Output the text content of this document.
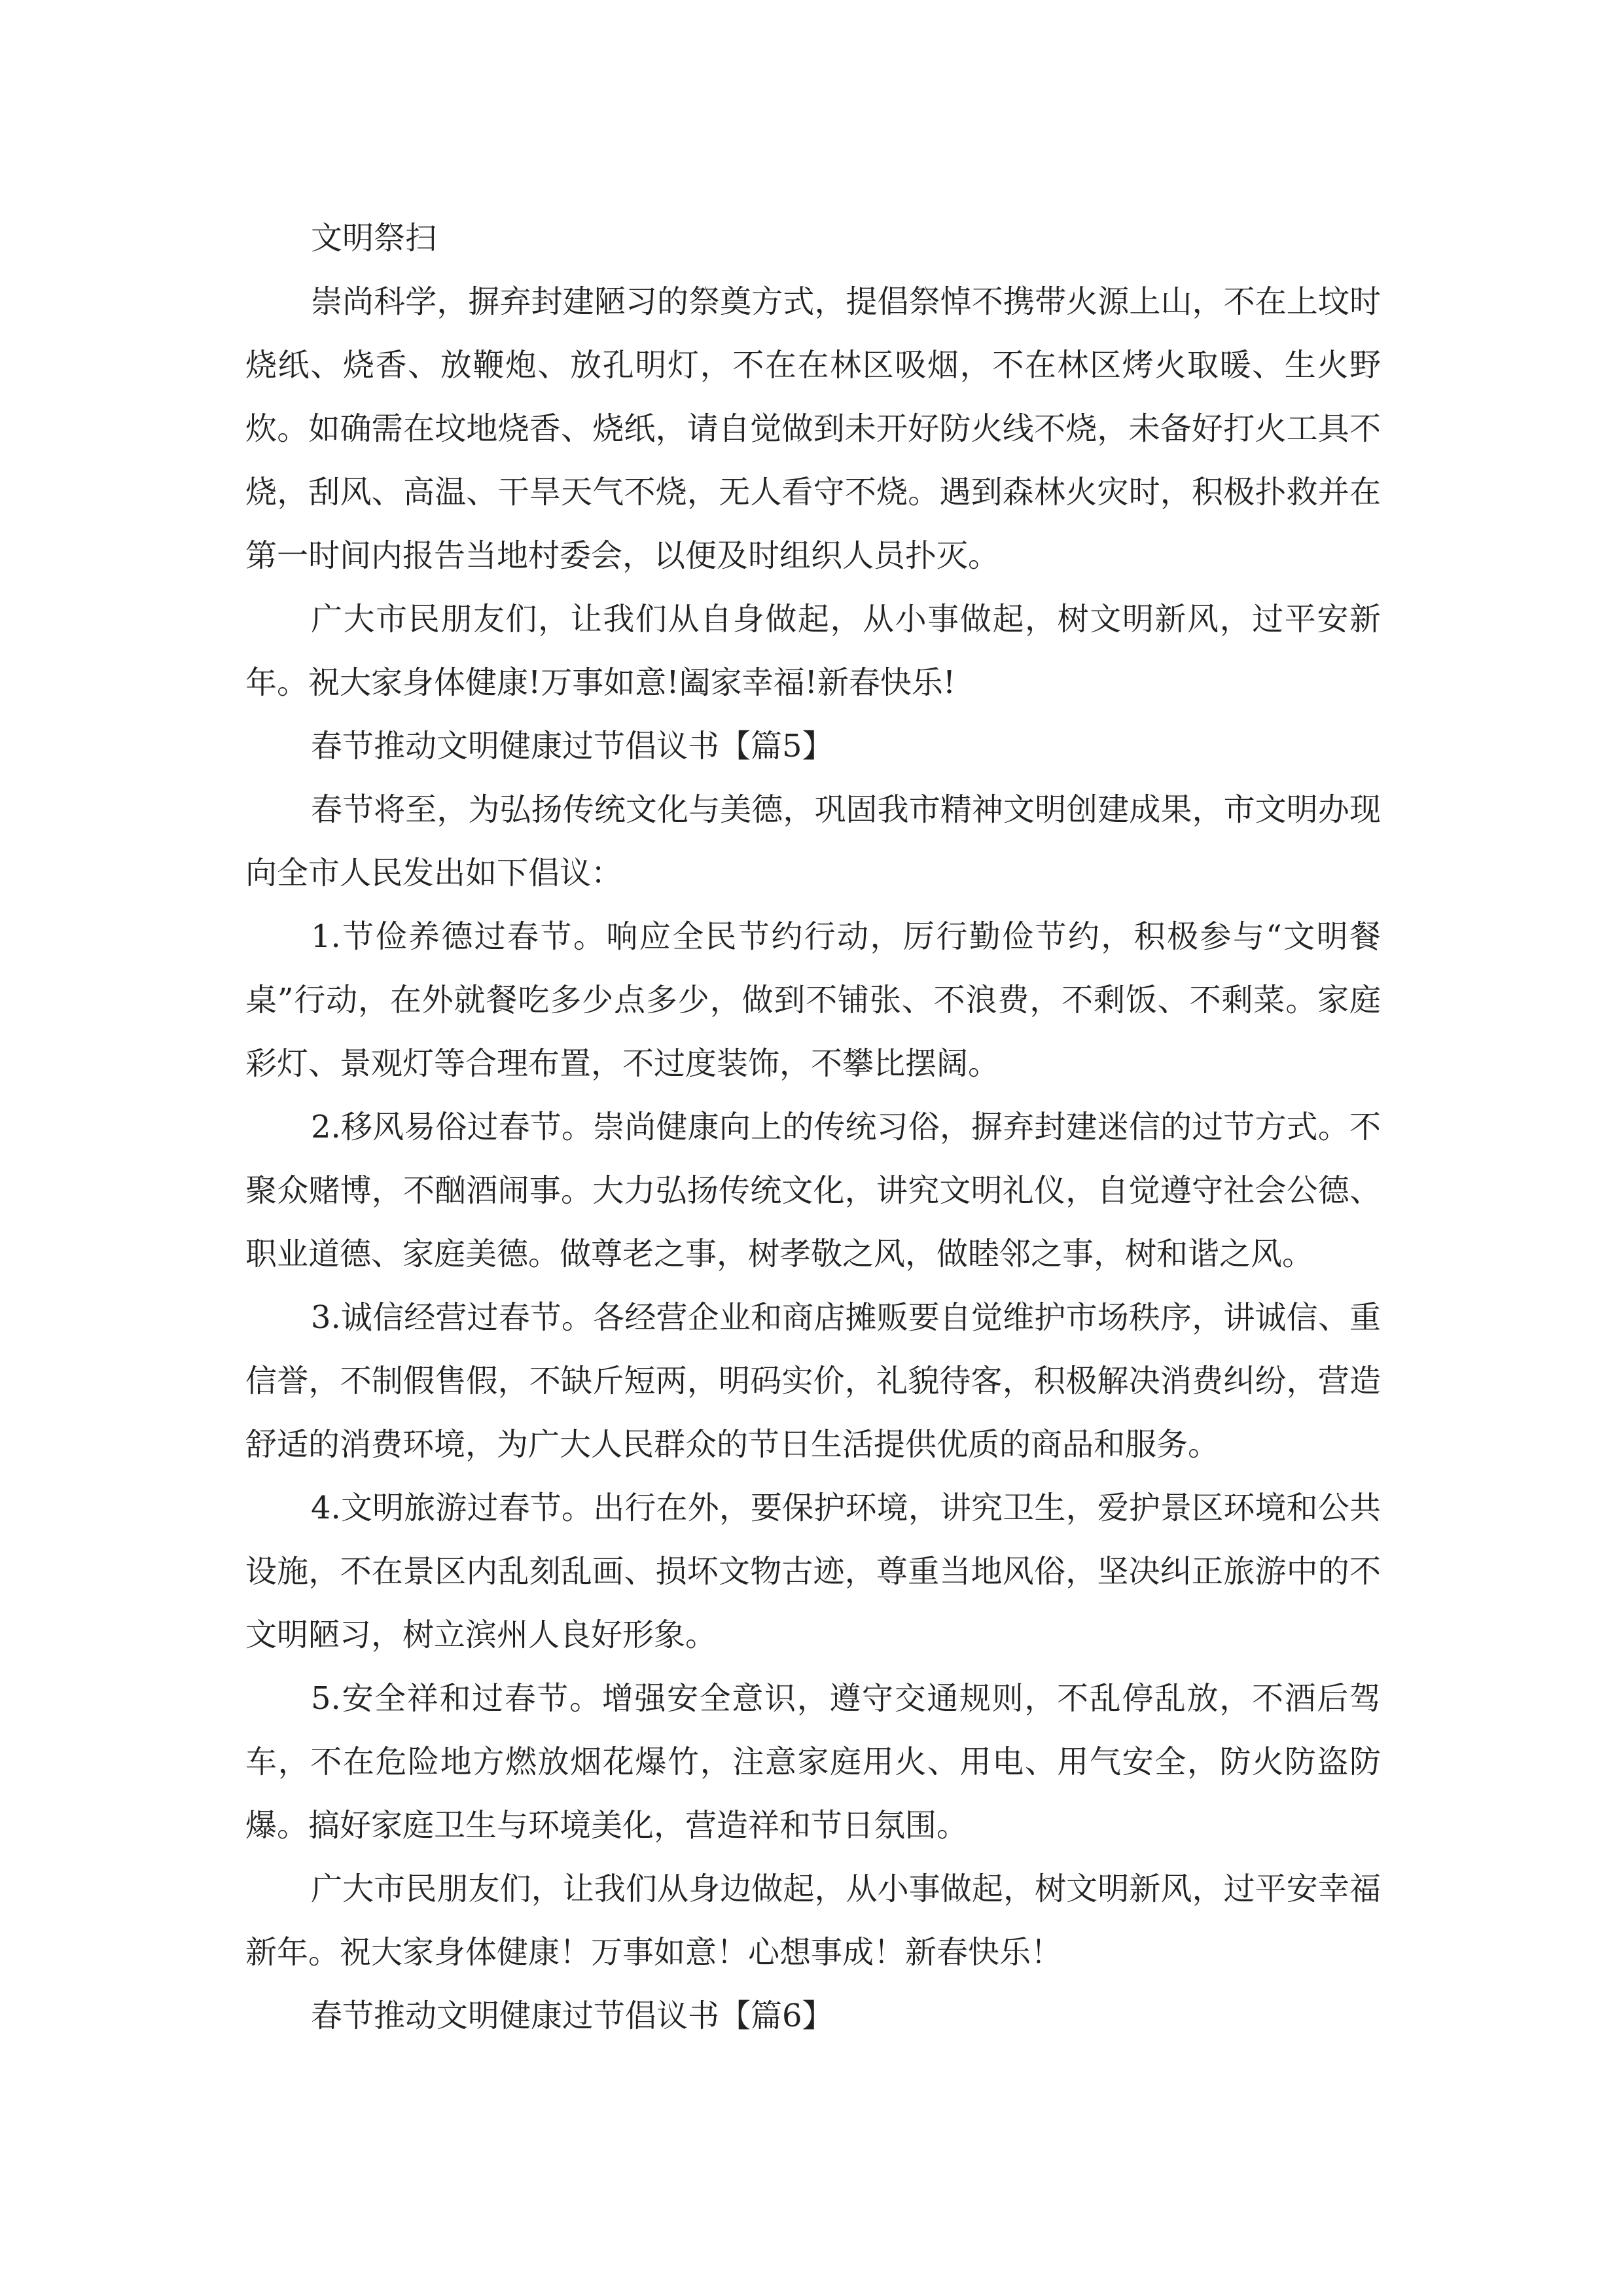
文明祭扫

崇尚科学，摒弃封建陋习的祭奠方式，提倡祭悼不携带火源上山，不在上坟时烧纸、烧香、放鞭炮、放孔明灯，不在在林区吸烟，不在林区烤火取暖、生火野炊。如确需在坟地烧香、烧纸，请自觉做到未开好防火线不烧，未备好打火工具不烧，刮风、高温、干旱天气不烧，无人看守不烧。遇到森林火灾时，积极扑救并在第一时间内报告当地村委会，以便及时组织人员扑灭。

广大市民朋友们，让我们从自身做起，从小事做起，树文明新风，过平安新年。祝大家身体健康!万事如意!阖家幸福!新春快乐!

春节推动文明健康过节倡议书【篇5】

春节将至，为弘扬传统文化与美德，巩固我市精神文明创建成果，市文明办现向全市人民发出如下倡议：

1.节俭养德过春节。响应全民节约行动，厉行勤俭节约，积极参与“文明餐桌”行动，在外就餐吃多少点多少，做到不铺张、不浪费，不剩饭、不剩菜。家庭彩灯、景观灯等合理布置，不过度装饰，不攀比摆阔。

2.移风易俗过春节。崇尚健康向上的传统习俗，摒弃封建迷信的过节方式。不聚众赌博，不酗酒闹事。大力弘扬传统文化，讲究文明礼仪，自觉遵守社会公德、职业道德、家庭美德。做尊老之事，树孝敬之风，做睦邻之事，树和谐之风。

3.诚信经营过春节。各经营企业和商店摊贩要自觉维护市场秩序，讲诚信、重信誉，不制假售假，不缺斤短两，明码实价，礼貌待客，积极解决消费纠纷，营造舒适的消费环境，为广大人民群众的节日生活提供优质的商品和服务。

4.文明旅游过春节。出行在外，要保护环境，讲究卫生，爱护景区环境和公共设施，不在景区内乱刻乱画、损坏文物古迹，尊重当地风俗，坚决纠正旅游中的不文明陋习，树立滨州人良好形象。

5.安全祥和过春节。增强安全意识，遵守交通规则，不乱停乱放，不酒后驾车，不在危险地方燃放烟花爆竹，注意家庭用火、用电、用气安全，防火防盗防爆。搞好家庭卫生与环境美化，营造祥和节日氛围。

广大市民朋友们，让我们从身边做起，从小事做起，树文明新风，过平安幸福新年。祝大家身体健康！万事如意！心想事成！新春快乐！

春节推动文明健康过节倡议书【篇6】
